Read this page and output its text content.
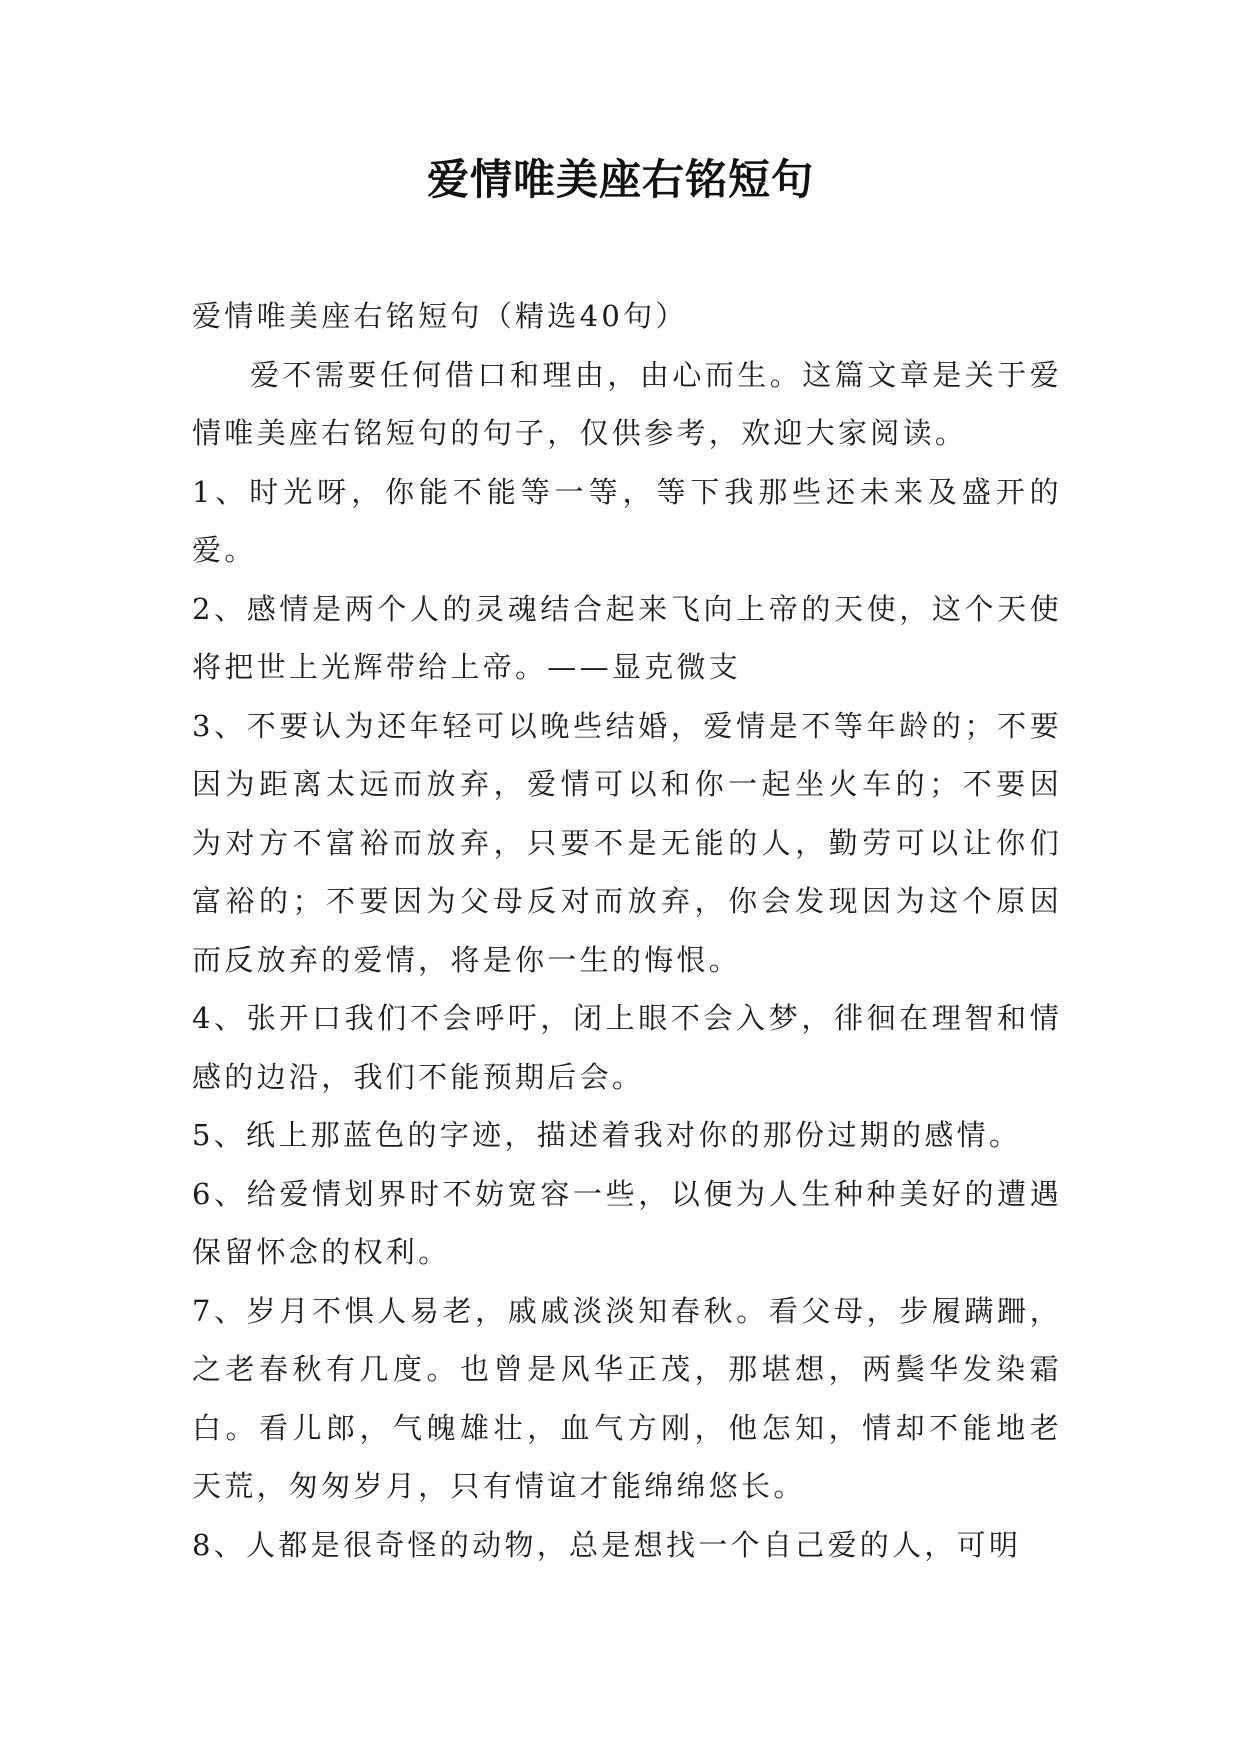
爱情唯美座右铭短句

爱情唯美座右铭短句（精选40句）

爱不需要任何借口和理由，由心而生。这篇文章是关于爱情唯美座右铭短句的句子，仅供参考，欢迎大家阅读。

1、时光呀，你能不能等一等，等下我那些还未来及盛开的爱。

2、感情是两个人的灵魂结合起来飞向上帝的天使，这个天使将把世上光辉带给上帝。——显克微支

3、不要认为还年轻可以晚些结婚，爱情是不等年龄的；不要因为距离太远而放弃，爱情可以和你一起坐火车的；不要因为对方不富裕而放弃，只要不是无能的人，勤劳可以让你们富裕的；不要因为父母反对而放弃，你会发现因为这个原因而反放弃的爱情，将是你一生的悔恨。

4、张开口我们不会呼吁，闭上眼不会入梦，徘徊在理智和情感的边沿，我们不能预期后会。

5、纸上那蓝色的字迹，描述着我对你的那份过期的感情。

6、给爱情划界时不妨宽容一些，以便为人生种种美好的遭遇保留怀念的权利。

7、岁月不惧人易老，戚戚淡淡知春秋。看父母，步履蹒跚，之老春秋有几度。也曾是风华正茂，那堪想，两鬓华发染霜白。看儿郎，气魄雄壮，血气方刚，他怎知，情却不能地老天荒，匆匆岁月，只有情谊才能绵绵悠长。

8、人都是很奇怪的动物，总是想找一个自己爱的人，可明
